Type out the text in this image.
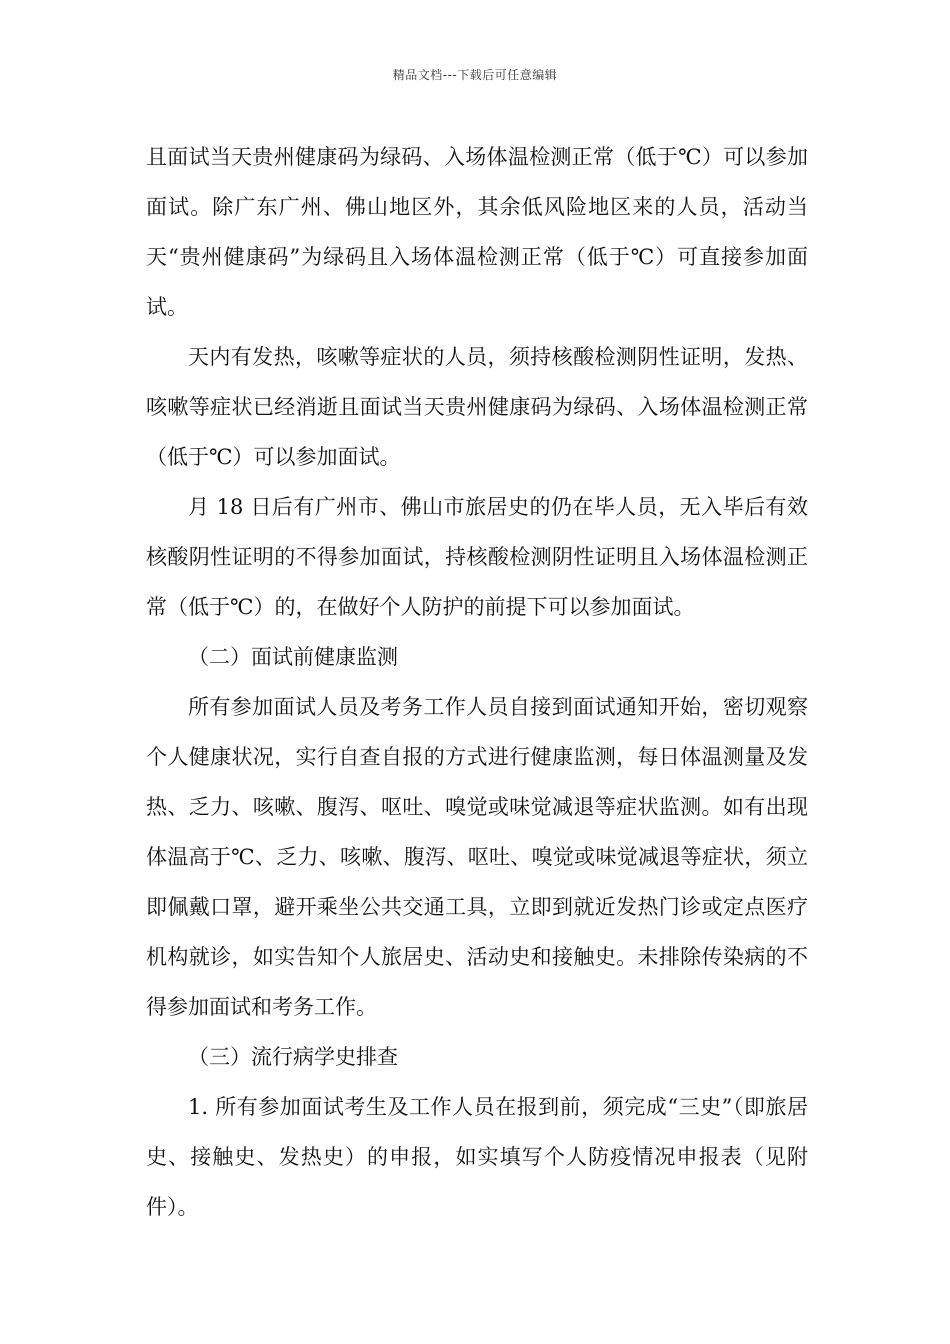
精品文档---下载后可任意编辑

且面试当天贵州健康码为绿码、入场体温检测正常（低于℃）可以参加面试。除广东广州、佛山地区外，其余低风险地区来的人员，活动当天“贵州健康码”为绿码且入场体温检测正常（低于℃）可直接参加面试。

天内有发热，咳嗽等症状的人员，须持核酸检测阴性证明，发热、咳嗽等症状已经消逝且面试当天贵州健康码为绿码、入场体温检测正常（低于℃）可以参加面试。

月 18 日后有广州市、佛山市旅居史的仍在毕人员，无入毕后有效核酸阴性证明的不得参加面试，持核酸检测阴性证明且入场体温检测正常（低于℃）的，在做好个人防护的前提下可以参加面试。

（二）面试前健康监测

所有参加面试人员及考务工作人员自接到面试通知开始，密切观察个人健康状况，实行自查自报的方式进行健康监测，每日体温测量及发热、乏力、咳嗽、腹泻、呕吐、嗅觉或味觉减退等症状监测。如有出现体温高于℃、乏力、咳嗽、腹泻、呕吐、嗅觉或味觉减退等症状，须立即佩戴口罩，避开乘坐公共交通工具，立即到就近发热门诊或定点医疗机构就诊，如实告知个人旅居史、活动史和接触史。未排除传染病的不得参加面试和考务工作。

（三）流行病学史排查

1. 所有参加面试考生及工作人员在报到前，须完成“三史”（即旅居史、接触史、发热史）的申报，如实填写个人防疫情况申报表（见附件）。
